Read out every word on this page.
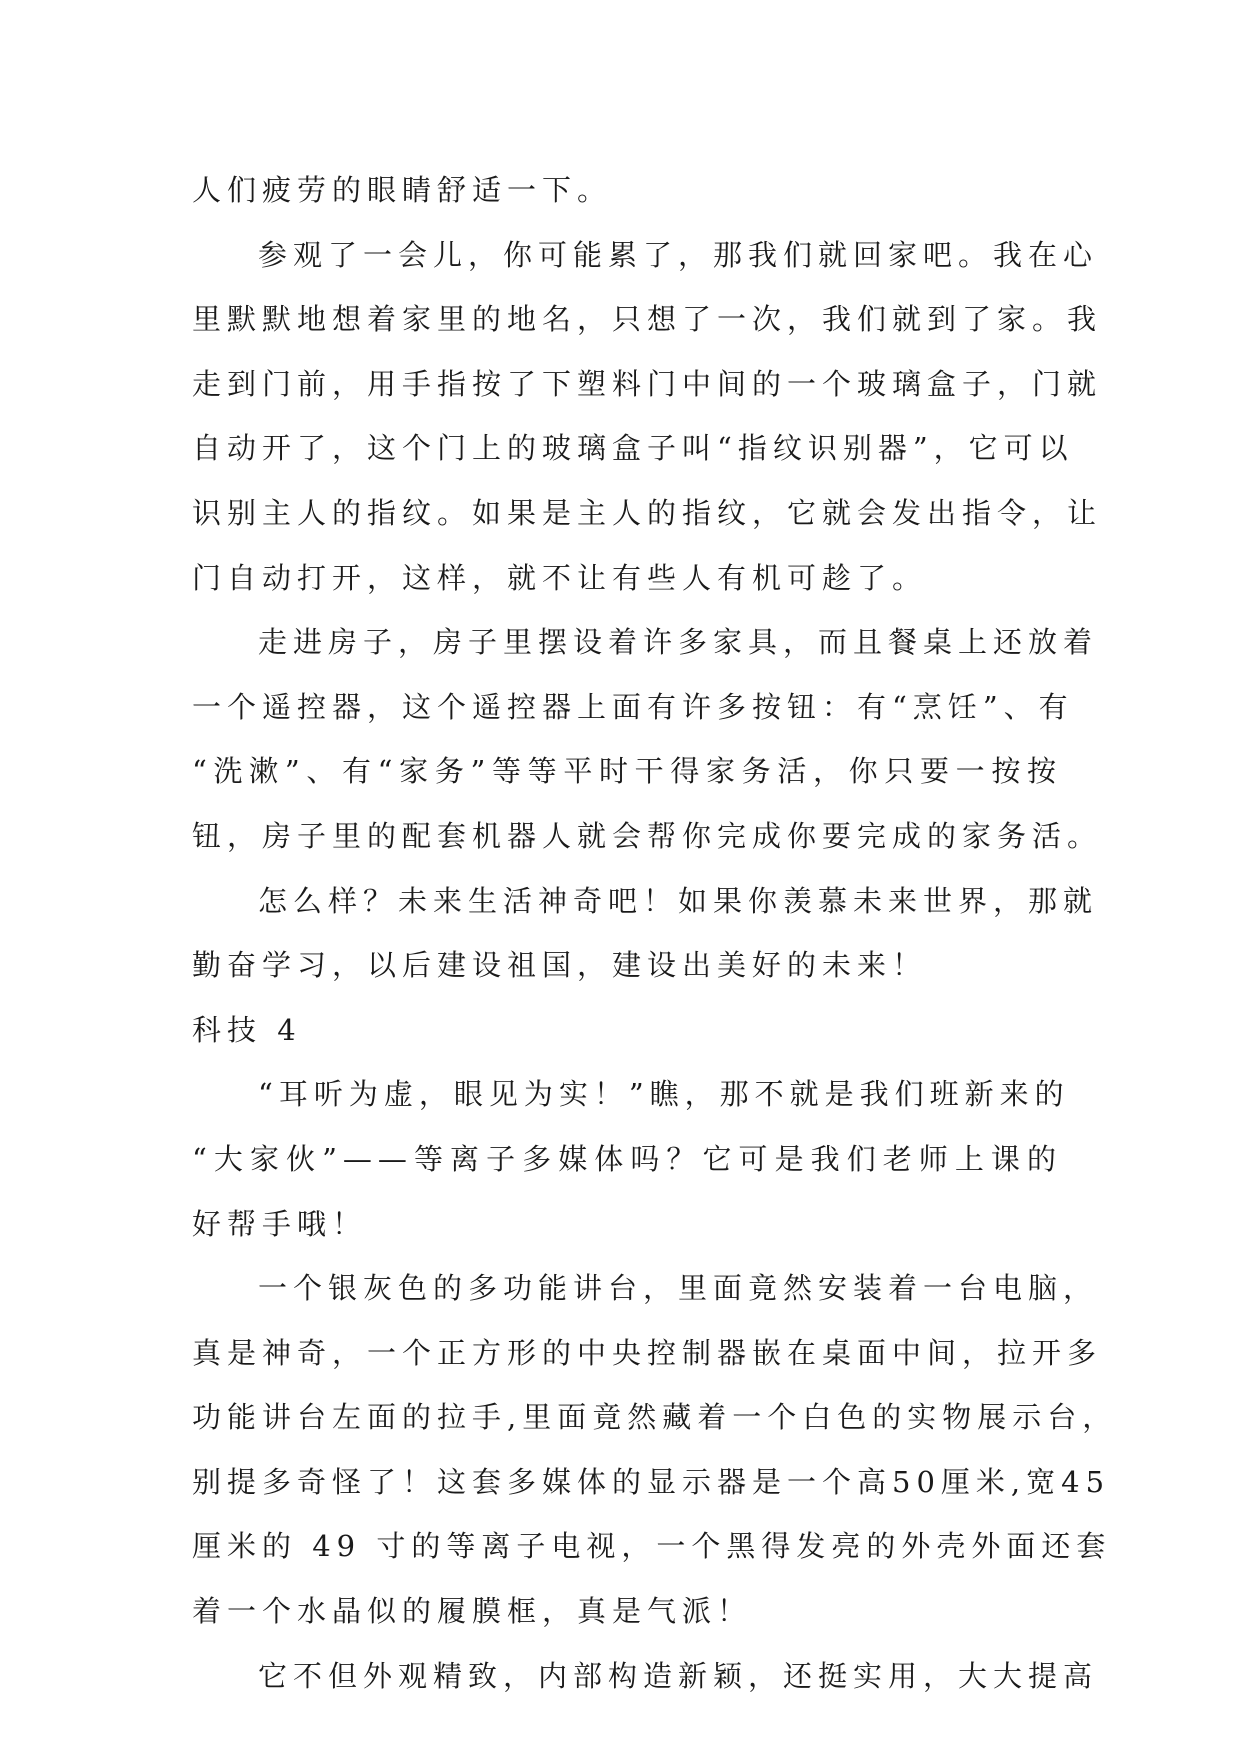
人们疲劳的眼睛舒适一下。
参观了一会儿，你可能累了，那我们就回家吧。我在心
里默默地想着家里的地名，只想了一次，我们就到了家。我
走到门前，用手指按了下塑料门中间的一个玻璃盒子，门就
自动开了，这个门上的玻璃盒子叫“指纹识别器”，它可以
识别主人的指纹。如果是主人的指纹，它就会发出指令，让
门自动打开，这样，就不让有些人有机可趁了。
走进房子，房子里摆设着许多家具，而且餐桌上还放着
一个遥控器，这个遥控器上面有许多按钮：有“烹饪”、有
“洗漱”、有“家务”等等平时干得家务活，你只要一按按
钮，房子里的配套机器人就会帮你完成你要完成的家务活。
怎么样？未来生活神奇吧！如果你羡慕未来世界，那就
勤奋学习，以后建设祖国，建设出美好的未来！
科技 4
“耳听为虚，眼见为实！”瞧，那不就是我们班新来的
“大家伙”——等离子多媒体吗？它可是我们老师上课的
好帮手哦！
一个银灰色的多功能讲台，里面竟然安装着一台电脑，
真是神奇，一个正方形的中央控制器嵌在桌面中间，拉开多
功能讲台左面的拉手,里面竟然藏着一个白色的实物展示台，
别提多奇怪了！这套多媒体的显示器是一个高50厘米,宽45
厘米的 49 寸的等离子电视，一个黑得发亮的外壳外面还套
着一个水晶似的履膜框，真是气派！
它不但外观精致，内部构造新颖，还挺实用，大大提高
